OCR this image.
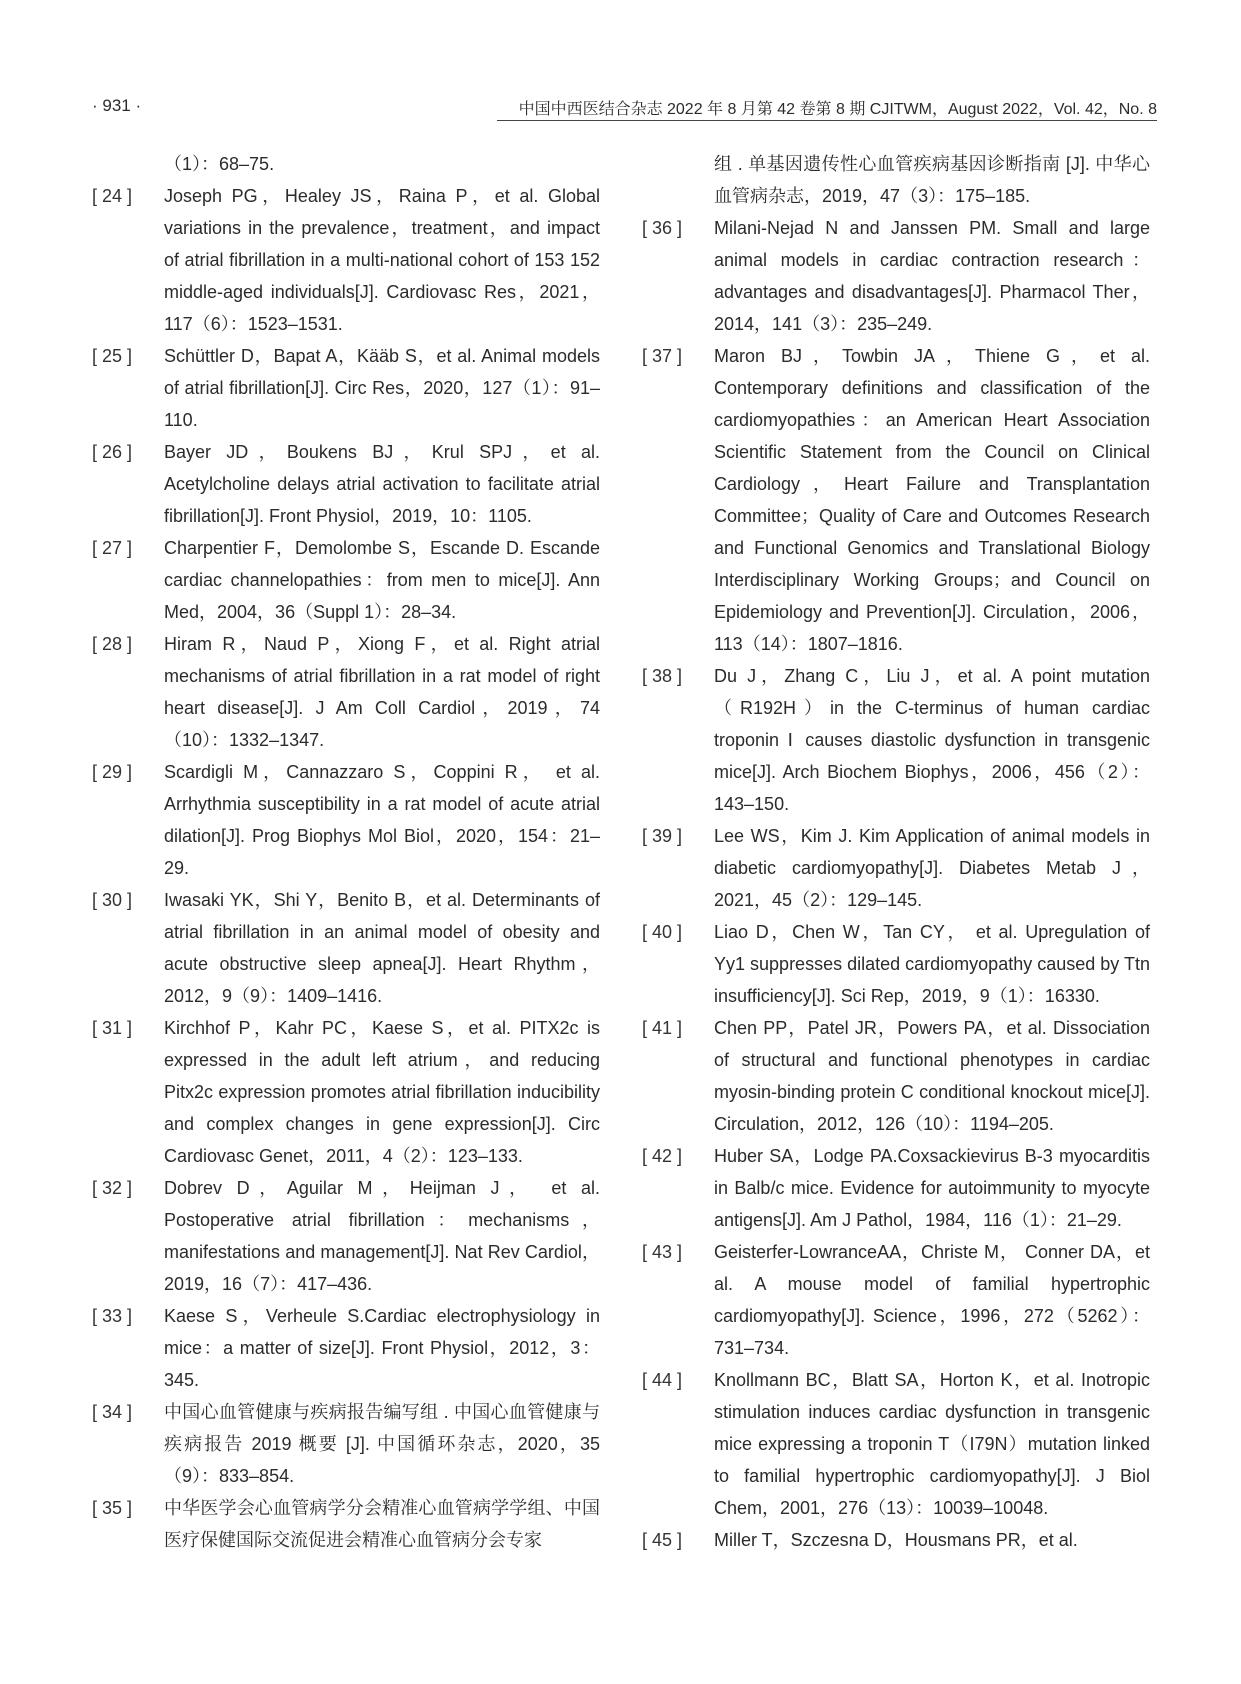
· 931 ·	中国中西医结合杂志 2022 年 8 月第 42 卷第 8 期 CJITWM，August 2022，Vol. 42，No. 8
（1）：68–75.
[ 24 ]	Joseph PG，Healey JS，Raina P，et al. Global variations in the prevalence，treatment，and impact of atrial fibrillation in a multi-national cohort of 153 152 middle-aged individuals[J]. Cardiovasc Res，2021，117（6）：1523–1531.
[ 25 ]	Schüttler D，Bapat A，Kääb S，et al. Animal models of atrial fibrillation[J]. Circ Res，2020，127（1）：91–110.
[ 26 ]	Bayer JD，Boukens BJ，Krul SPJ，et al. Acetylcholine delays atrial activation to facilitate atrial fibrillation[J]. Front Physiol，2019，10：1105.
[ 27 ]	Charpentier F，Demolombe S，Escande D. Escande cardiac channelopathies：from men to mice[J]. Ann Med，2004，36（Suppl 1）：28–34.
[ 28 ]	Hiram R，Naud P，Xiong F，et al. Right atrial mechanisms of atrial fibrillation in a rat model of right heart disease[J]. J Am Coll Cardiol，2019，74（10）：1332–1347.
[ 29 ]	Scardigli M，Cannazzaro S，Coppini R， et al. Arrhythmia susceptibility in a rat model of acute atrial dilation[J]. Prog Biophys Mol Biol，2020，154：21–29.
[ 30 ]	Iwasaki YK，Shi Y，Benito B，et al. Determinants of atrial fibrillation in an animal model of obesity and acute obstructive sleep apnea[J]. Heart Rhythm，2012，9（9）：1409–1416.
[ 31 ]	Kirchhof P，Kahr PC，Kaese S，et al. PITX2c is expressed in the adult left atrium，and reducing Pitx2c expression promotes atrial fibrillation inducibility and complex changes in gene expression[J]. Circ Cardiovasc Genet，2011，4（2）：123–133.
[ 32 ]	Dobrev D，Aguilar M，Heijman J， et al. Postoperative atrial fibrillation：mechanisms，manifestations and management[J]. Nat Rev Cardiol，2019，16（7）：417–436.
[ 33 ]	Kaese S，Verheule S.Cardiac electrophysiology in mice：a matter of size[J]. Front Physiol，2012，3：345.
[ 34 ]	中国心血管健康与疾病报告编写组 . 中国心血管健康与疾病报告 2019 概要 [J]. 中国循环杂志，2020，35（9）：833–854.
[ 35 ]	中华医学会心血管病学分会精准心血管病学学组、中国医疗保健国际交流促进会精准心血管病分会专家
组 . 单基因遗传性心血管疾病基因诊断指南 [J]. 中华心血管病杂志，2019，47（3）：175–185.
[ 36 ]	Milani-Nejad N and Janssen PM. Small and large animal models in cardiac contraction research：advantages and disadvantages[J]. Pharmacol Ther，2014，141（3）：235–249.
[ 37 ]	Maron BJ，Towbin JA，Thiene G，et al. Contemporary definitions and classification of the cardiomyopathies：an American Heart Association Scientific Statement from the Council on Clinical Cardiology，Heart Failure and Transplantation Committee；Quality of Care and Outcomes Research and Functional Genomics and Translational Biology Interdisciplinary Working Groups；and Council on Epidemiology and Prevention[J]. Circulation，2006，113（14）：1807–1816.
[ 38 ]	Du J，Zhang C，Liu J，et al. A point mutation（R192H）in the C-terminus of human cardiac troponin Ⅰ causes diastolic dysfunction in transgenic mice[J]. Arch Biochem Biophys，2006，456（2）：143–150.
[ 39 ]	Lee WS，Kim J. Kim Application of animal models in diabetic cardiomyopathy[J]. Diabetes Metab J，2021，45（2）：129–145.
[ 40 ]	Liao D，Chen W，Tan CY， et al. Upregulation of Yy1 suppresses dilated cardiomyopathy caused by Ttn insufficiency[J]. Sci Rep，2019，9（1）：16330.
[ 41 ]	Chen PP，Patel JR，Powers PA，et al. Dissociation of structural and functional phenotypes in cardiac myosin-binding protein C conditional knockout mice[J]. Circulation，2012，126（10）：1194–205.
[ 42 ]	Huber SA，Lodge PA.Coxsackievirus B-3 myocarditis in Balb/c mice. Evidence for autoimmunity to myocyte antigens[J]. Am J Pathol，1984，116（1）：21–29.
[ 43 ]	Geisterfer-LowranceAA，Christe M， Conner DA，et al. A mouse model of familial hypertrophic cardiomyopathy[J]. Science，1996，272（5262）：731–734.
[ 44 ]	Knollmann BC，Blatt SA，Horton K，et al. Inotropic stimulation induces cardiac dysfunction in transgenic mice expressing a troponin T（I79N）mutation linked to familial hypertrophic cardiomyopathy[J]. J Biol Chem，2001，276（13）：10039–10048.
[ 45 ]	Miller T，Szczesna D，Housmans PR，et al.
